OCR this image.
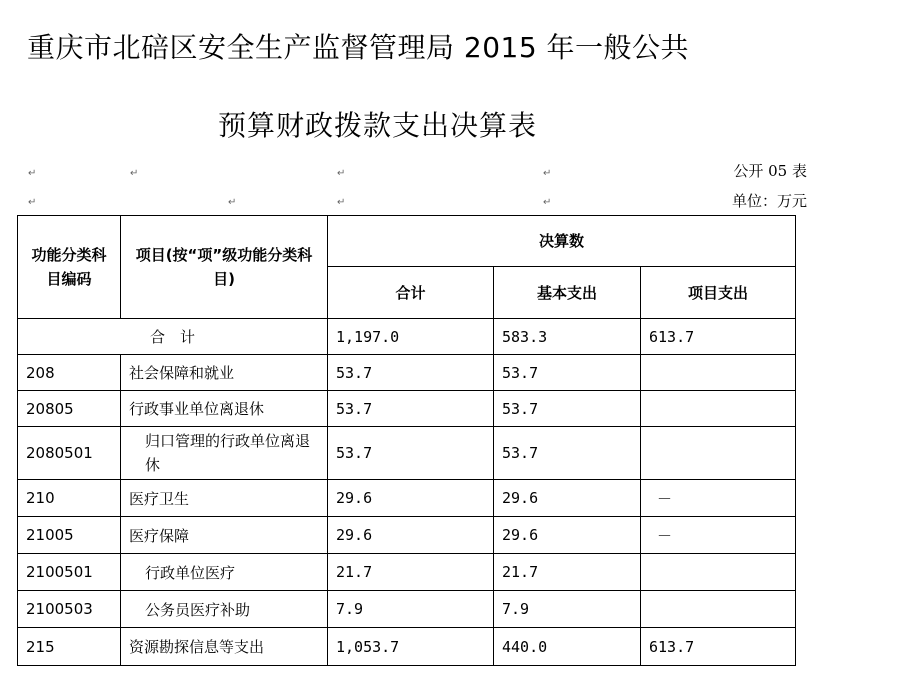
重庆市北碚区安全生产监督管理局 2015 年一般公共
预算财政拨款支出决算表
公开 05 表
单位：万元
↵	↵	↵	↵
↵	↵	↵	↵
功能分类科目编码	项目(按“项”级功能分类科目)	决算数		
		合计	基本支出	项目支出
合　计		1,197.0	583.3	613.7
208	社会保障和就业	53.7	53.7	
20805	行政事业单位离退休	53.7	53.7	
2080501	归口管理的行政单位离退休	53.7	53.7	
210	医疗卫生	29.6	29.6	－
21005	医疗保障	29.6	29.6	－
2100501	行政单位医疗	21.7	21.7	
2100503	公务员医疗补助	7.9	7.9	
215	资源勘探信息等支出	1,053.7	440.0	613.7
